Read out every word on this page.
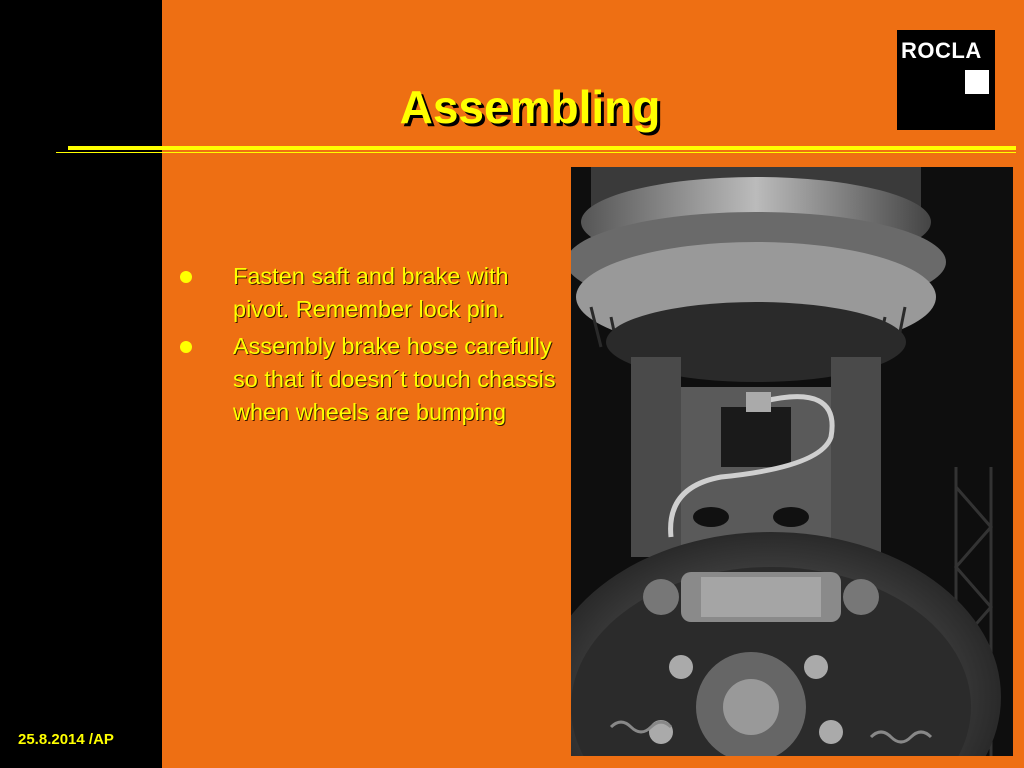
ROCLA
Assembling
Fasten saft and brake with pivot. Remember lock pin.
Assembly brake hose carefully so that it doesn´t touch chassis when wheels are bumping
25.8.2014 /AP
